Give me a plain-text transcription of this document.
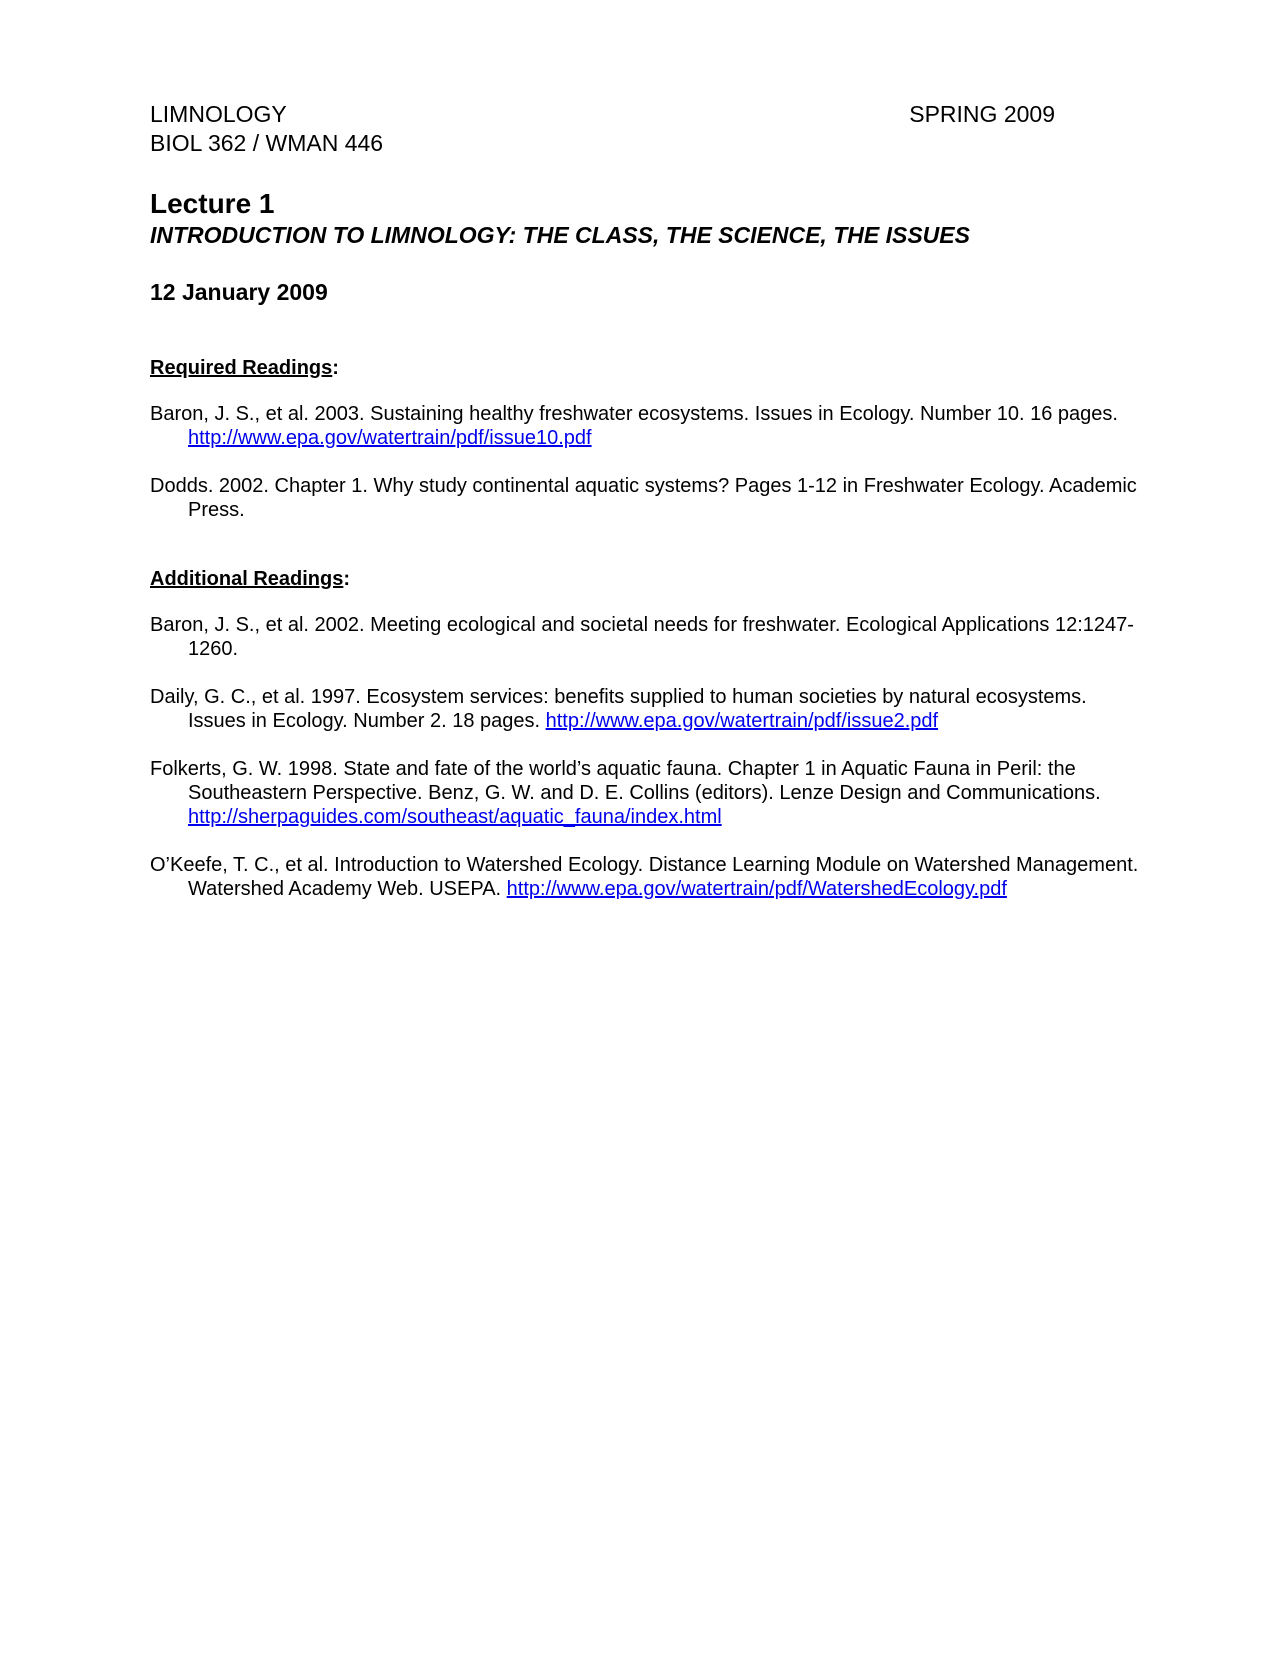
LIMNOLOGY	SPRING 2009
BIOL 362 / WMAN 446
Lecture 1
INTRODUCTION TO LIMNOLOGY: THE CLASS, THE SCIENCE, THE ISSUES
12 January 2009
Required Readings:
Baron, J. S., et al. 2003. Sustaining healthy freshwater ecosystems. Issues in Ecology. Number 10. 16 pages. http://www.epa.gov/watertrain/pdf/issue10.pdf
Dodds. 2002. Chapter 1. Why study continental aquatic systems? Pages 1-12 in Freshwater Ecology. Academic Press.
Additional Readings:
Baron, J. S., et al. 2002. Meeting ecological and societal needs for freshwater. Ecological Applications 12:1247-1260.
Daily, G. C., et al. 1997. Ecosystem services: benefits supplied to human societies by natural ecosystems. Issues in Ecology. Number 2. 18 pages. http://www.epa.gov/watertrain/pdf/issue2.pdf
Folkerts, G. W. 1998. State and fate of the world’s aquatic fauna. Chapter 1 in Aquatic Fauna in Peril: the Southeastern Perspective. Benz, G. W. and D. E. Collins (editors). Lenze Design and Communications. http://sherpaguides.com/southeast/aquatic_fauna/index.html
O’Keefe, T. C., et al. Introduction to Watershed Ecology. Distance Learning Module on Watershed Management. Watershed Academy Web. USEPA. http://www.epa.gov/watertrain/pdf/WatershedEcology.pdf
